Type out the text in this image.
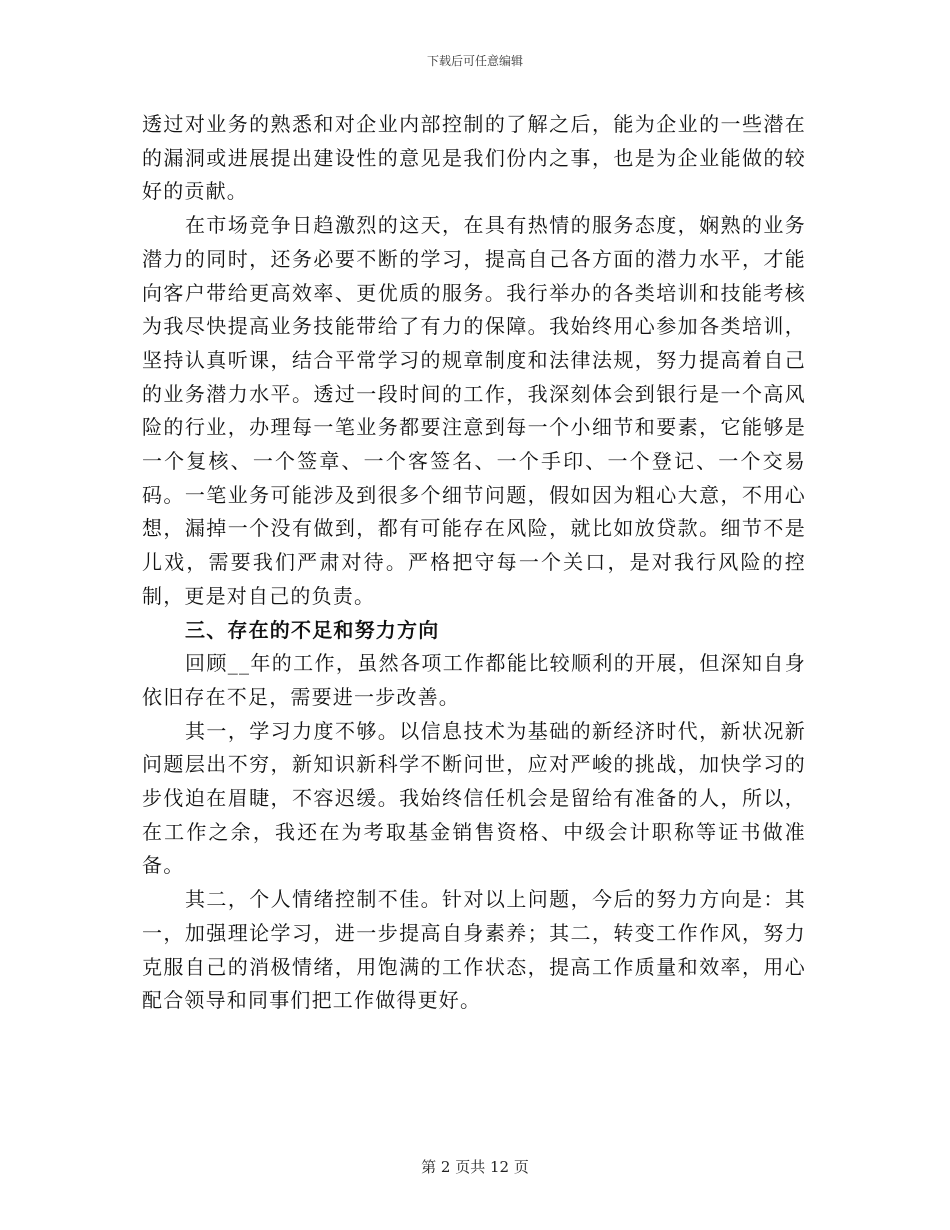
下载后可任意编辑

透过对业务的熟悉和对企业内部控制的了解之后，能为企业的一些潜在的漏洞或进展提出建设性的意见是我们份内之事，也是为企业能做的较好的贡献。

在市场竞争日趋激烈的这天，在具有热情的服务态度，娴熟的业务潜力的同时，还务必要不断的学习，提高自己各方面的潜力水平，才能向客户带给更高效率、更优质的服务。我行举办的各类培训和技能考核为我尽快提高业务技能带给了有力的保障。我始终用心参加各类培训，坚持认真听课，结合平常学习的规章制度和法律法规，努力提高着自己的业务潜力水平。透过一段时间的工作，我深刻体会到银行是一个高风险的行业，办理每一笔业务都要注意到每一个小细节和要素，它能够是一个复核、一个签章、一个客签名、一个手印、一个登记、一个交易码。一笔业务可能涉及到很多个细节问题，假如因为粗心大意，不用心想，漏掉一个没有做到，都有可能存在风险，就比如放贷款。细节不是儿戏，需要我们严肃对待。严格把守每一个关口，是对我行风险的控制，更是对自己的负责。

三、存在的不足和努力方向

回顾__年的工作，虽然各项工作都能比较顺利的开展，但深知自身依旧存在不足，需要进一步改善。

其一，学习力度不够。以信息技术为基础的新经济时代，新状况新问题层出不穷，新知识新科学不断问世，应对严峻的挑战，加快学习的步伐迫在眉睫，不容迟缓。我始终信任机会是留给有准备的人，所以，在工作之余，我还在为考取基金销售资格、中级会计职称等证书做准备。

其二，个人情绪控制不佳。针对以上问题，今后的努力方向是：其一，加强理论学习，进一步提高自身素养；其二，转变工作作风，努力克服自己的消极情绪，用饱满的工作状态，提高工作质量和效率，用心配合领导和同事们把工作做得更好。

第 2 页共 12 页
